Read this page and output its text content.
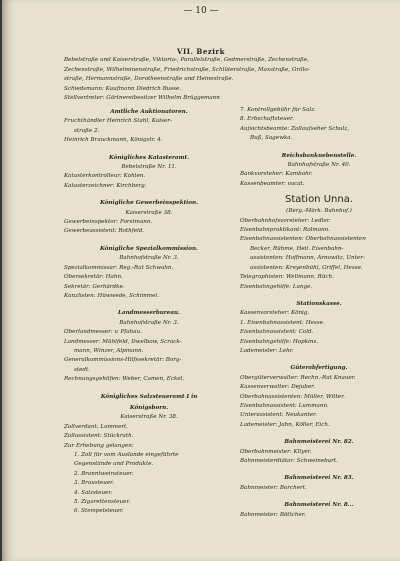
— 10 —
VII. Bezirk
Bebelstraße und Kaiserstraße, Viktoria-, Parallelstraße, Gedmerstraße, Zechenstraße,
Zechenstraße, Wilhelminenstraße, Friedrichstraße, Schlüterstraße, Maxstraße, Grillo-
straße, Hermannstraße, Dorotheenstraße und Heinestraße.
Schiedsmann: Kaufmann Diedrich Busse.
Stellvertreter: Gärtnereibesitzer Wilhelm Brüggemann
Amtliche Auktionatoren.
Fruchthändler Heinrich Stahl, Kaiser-
straße 2.
Heinrich Brauckmann, Königstr. 4.
Königliches Katasteramt.
Bebelstraße Nr. 11.
Katasterkontrolleur: Kohlen.
Katasterzeichner: Kirchberg.
Königliche Gewerbeinspektion.
Kaiserstraße 38.
Gewerbeinspektor: Forstmann.
Gewerbeassistent: Rothfeld.
Königliche Spezialkommission.
Bahnhofstraße Nr. 3.
Spezialkommissar: Reg.-Rat Schwahn.
Obersekretär: Hahn.
Sekretär: Gerhärdke.
Kanzlisten: Hüwwede, Schimmel.
Landmesserbureau.
Bahnhofstraße Nr. 3.
Oberlandmesser: v. Pfahau.
Landmesser: Mühlfeld, Dwelbow, Scrack-
mann, Winzer, Alpmann.
Generalkommissions-Hilfssekretär: Borg-
stedt.
Rechnungsgehilfen: Weber, Camen, Eckel.
Königliches Salzsteueramt I in
Königsborn.
Kaiserstraße Nr. 38.
Zollverdant: Lammert.
Zollassistent: Stückrath.
Zur Erhebung gelangen:
1. Zoll für vom Auslande eingeführte
Gegenstände und Produkte.
2. Branntweinsteuer.
3. Brausteuer.
4. Salzsteuer.
5. Zigarettensteuer.
6. Stempelsteuer.
7. Kontrollgebühr für Salz.
8. Erbschaftsteuer.
Aufsichtsbeamte: Zollaufseher Schulz,
Buß, Sagewka.
Reichsbanknebenstelle.
Bahnhofstraße Nr. 40.
Bankvorsteher: Kambohr.
Kassenbeamter: vacat.
Station Unna.
(Berg.-Märk. Bahnhof.)
Oberbahnhofsvorsteher: Ledler.
Eisenbahnpraktikant: Rolmann.
Eisenbahnassistenten: Oberbahnassistenten
Becker, Rühme, Heil. Eisenbahn-
assistenten: Hoffmann, Arnowitz, Unter-
assistenten: Kreyenbühl, Griffel, Hesse.
Telegraphisten: Wellmann, Rüch.
Eisenbahngehilfe: Lange.
Stationskasse.
Kassenvorsteher: König.
1. Eisenbahnassistent: Hesse.
Eisenbahnassistent: Cold.
Eisenbahngehilfe: Hopkins.
Lademeister: Lehr.
Güterabfertigung.
Obergüterverwalter: Rechn.-Rat Knauer.
Kassenverwalter: Dejuber.
Oberbahnassistenten: Müller, Witter.
Eisenbahnassistent: Lummann.
Unterassistent: Neukanter.
Lademeister: Jahn, Köller, Eich.
Bahnmeisterei Nr. 82.
Oberbahnmeister: Kllyer.
Bahnmeisterdiätar: Schweinebart.
Bahnmeisterei Nr. 83.
Bahnmeister: Borchert.
Bahnmeisterei Nr. 8...
Bahnmeister: Böttcher.
